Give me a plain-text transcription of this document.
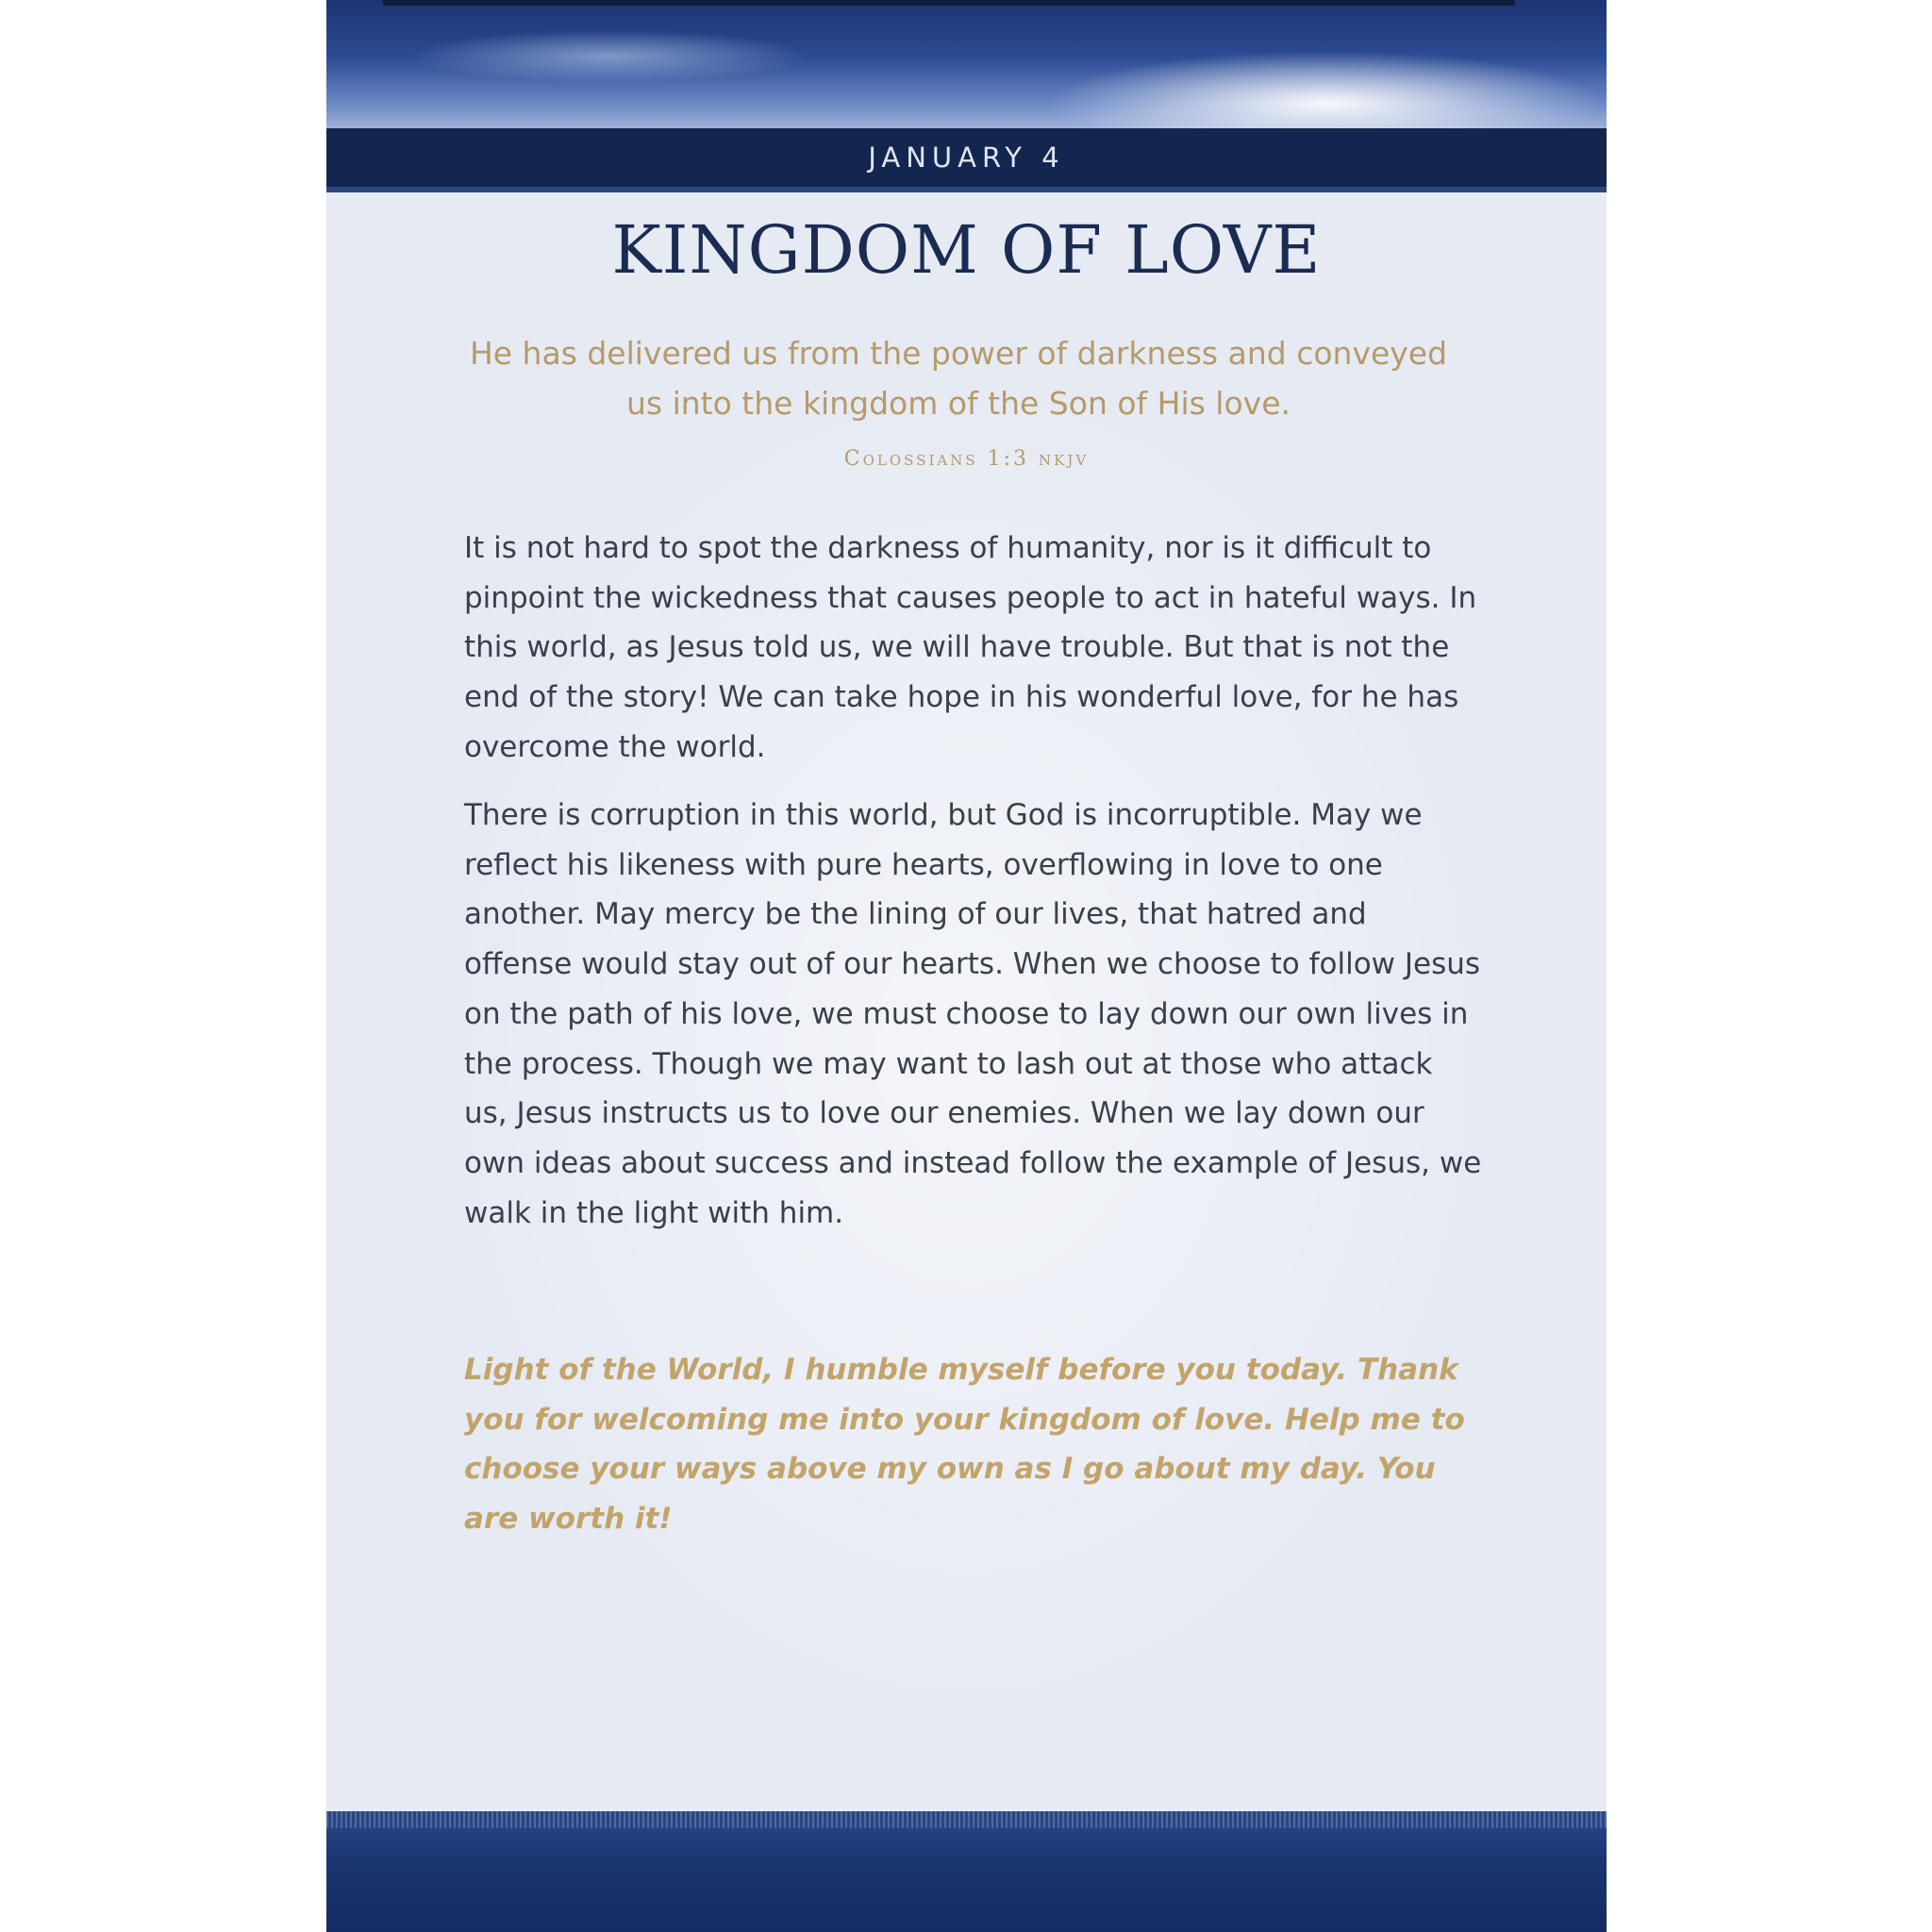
JANUARY 4
KINGDOM OF LOVE
He has delivered us from the power of darkness and conveyed us into the kingdom of the Son of His love.
Colossians 1:3 nkjv

It is not hard to spot the darkness of humanity, nor is it difficult to pinpoint the wickedness that causes people to act in hateful ways. In this world, as Jesus told us, we will have trouble. But that is not the end of the story! We can take hope in his wonderful love, for he has overcome the world.

There is corruption in this world, but God is incorruptible. May we reflect his likeness with pure hearts, overflowing in love to one another. May mercy be the lining of our lives, that hatred and offense would stay out of our hearts. When we choose to follow Jesus on the path of his love, we must choose to lay down our own lives in the process. Though we may want to lash out at those who attack us, Jesus instructs us to love our enemies. When we lay down our own ideas about success and instead follow the example of Jesus, we walk in the light with him.

Light of the World, I humble myself before you today. Thank you for welcoming me into your kingdom of love. Help me to choose your ways above my own as I go about my day. You are worth it!
